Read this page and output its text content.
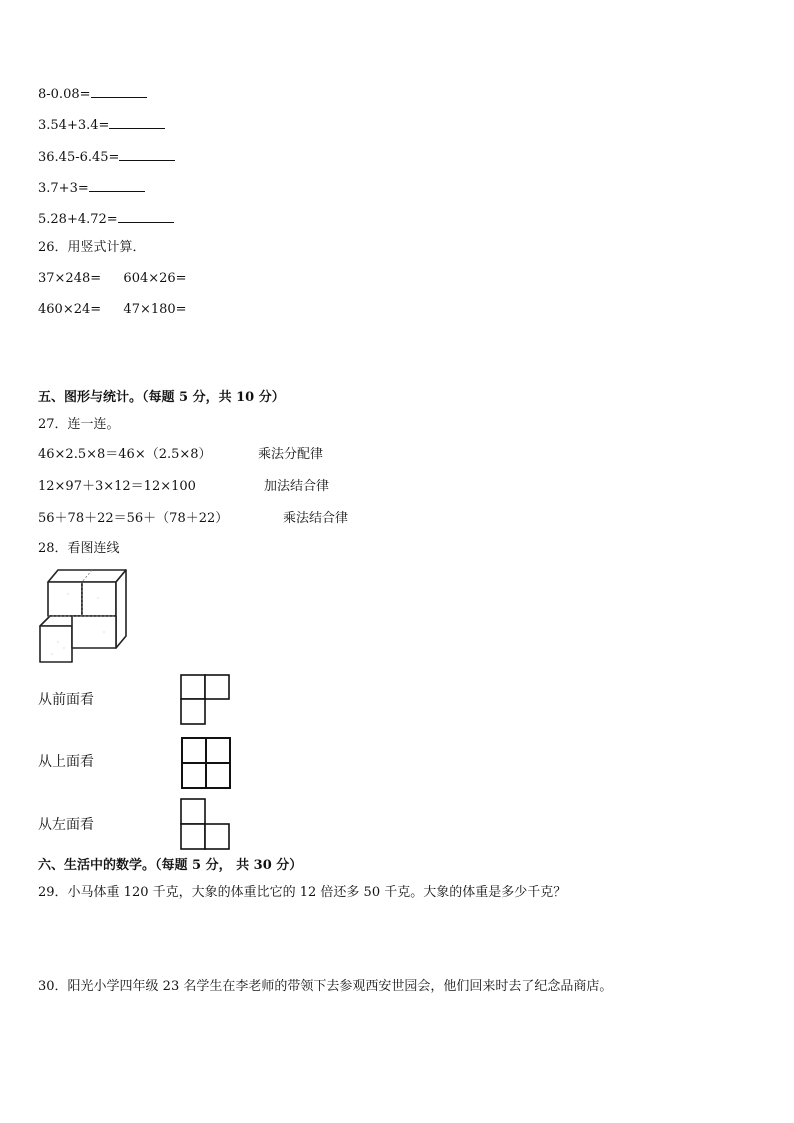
8-0.08=
3.54+3.4=
36.45-6.45=
3.7+3=
5.28+4.72=
26．用竖式计算．
37×248= 604×26=
460×24= 47×180=
五、图形与统计。（每题 5 分，共 10 分）
27．连一连。
46×2.5×8＝46×（2.5×8）	乘法分配律
12×97＋3×12＝12×100	加法结合律
56＋78＋22＝56＋（78＋22）	乘法结合律
28．看图连线
从前面看
从上面看
从左面看
六、生活中的数学。（每题 5 分， 共 30 分）
29．小马体重 120 千克，大象的体重比它的 12 倍还多 50 千克。大象的体重是多少千克？
30．阳光小学四年级 23 名学生在李老师的带领下去参观西安世园会，他们回来时去了纪念品商店。
